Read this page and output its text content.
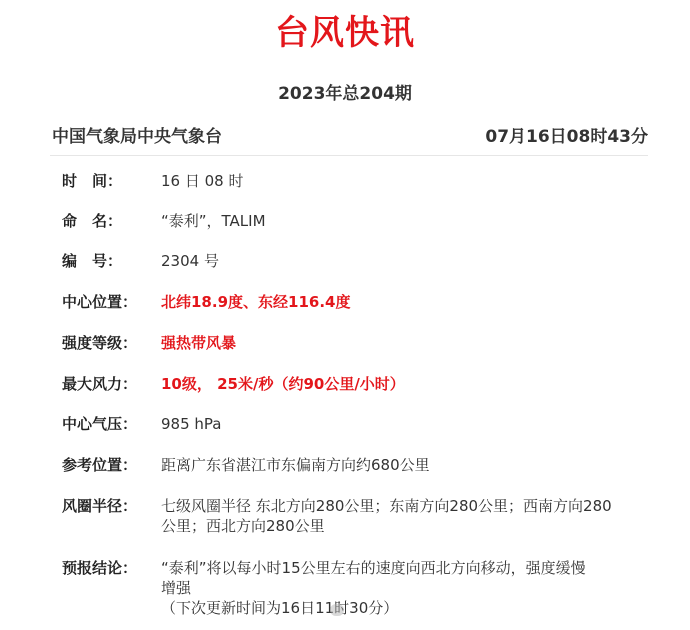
台风快讯
2023年总204期
中国气象局中央气象台	07月16日08时43分
时　间：	16 日 08 时
命　名：	“泰利”，TALIM
编　号：	2304 号
中心位置：	北纬18.9度、东经116.4度
强度等级：	强热带风暴
最大风力：	10级， 25米/秒（约90公里/小时）
中心气压：	985 hPa
参考位置：	距离广东省湛江市东偏南方向约680公里
风圈半径：	七级风圈半径 东北方向280公里；东南方向280公里；西南方向280
公里；西北方向280公里
预报结论：	“泰利”将以每小时15公里左右的速度向西北方向移动，强度缓慢
增强
（下次更新时间为16日11时30分）
